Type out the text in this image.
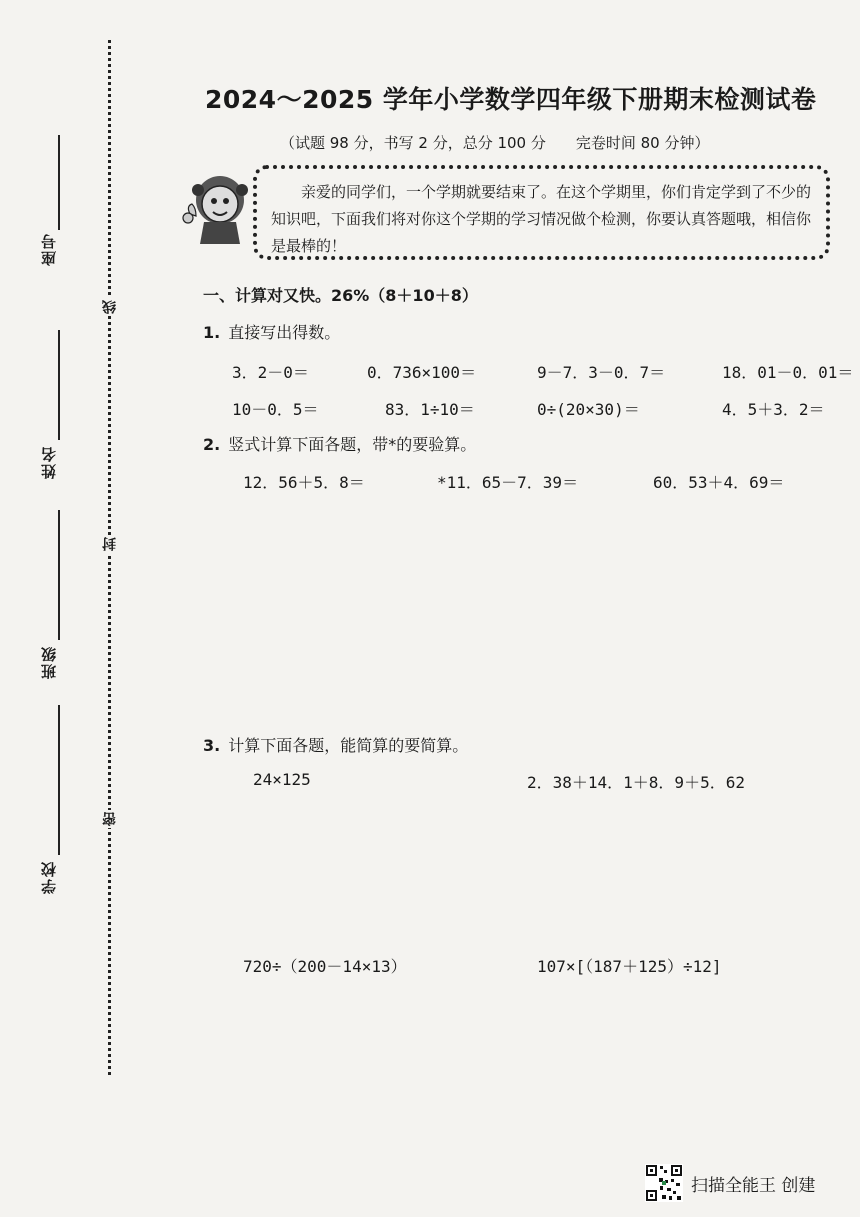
座号
姓名
班级
学校
线
封
密
2024～2025 学年小学数学四年级下册期末检测试卷
（试题 98 分，书写 2 分，总分 100 分 完卷时间 80 分钟）
亲爱的同学们，一个学期就要结束了。在这个学期里，你们肯定学到了不少的知识吧，下面我们将对你这个学期的学习情况做个检测，你要认真答题哦，相信你是最棒的！
一、计算对又快。26%（8＋10＋8）
1. 直接写出得数。
3．2－0＝	0．736×100＝	9－7．3－0．7＝	18．01－0．01＝
10－0．5＝	83．1÷10＝	0÷(20×30)＝	4．5＋3．2＝
2. 竖式计算下面各题，带*的要验算。
12．56＋5．8＝	*11．65－7．39＝	60．53＋4．69＝
3. 计算下面各题，能简算的要简算。
24×125	2．38＋14．1＋8．9＋5．62
720÷（200－14×13）	107×[（187＋125）÷12]
扫描全能王 创建
